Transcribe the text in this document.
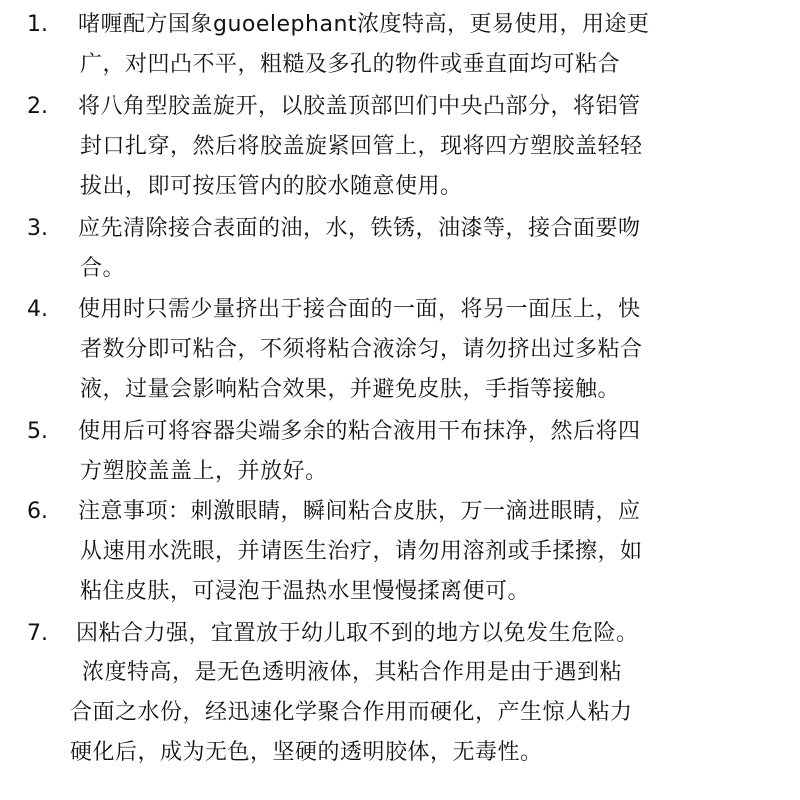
1. 啫喱配方国象guoelephant浓度特高，更易使用，用途更
广，对凹凸不平，粗糙及多孔的物件或垂直面均可粘合
2. 将八角型胶盖旋开，以胶盖顶部凹们中央凸部分，将铝管
封口扎穿，然后将胶盖旋紧回管上，现将四方塑胶盖轻轻
拔出，即可按压管内的胶水随意使用。
3. 应先清除接合表面的油，水，铁锈，油漆等，接合面要吻
合。
4. 使用时只需少量挤出于接合面的一面，将另一面压上，快
者数分即可粘合，不须将粘合液涂匀，请勿挤出过多粘合
液，过量会影响粘合效果，并避免皮肤，手指等接触。
5. 使用后可将容器尖端多余的粘合液用干布抹净，然后将四
方塑胶盖盖上，并放好。
6. 注意事项：刺激眼睛，瞬间粘合皮肤，万一滴进眼睛，应
从速用水洗眼，并请医生治疗，请勿用溶剂或手揉擦，如
粘住皮肤，可浸泡于温热水里慢慢揉离便可。
7. 因粘合力强，宜置放于幼儿取不到的地方以免发生危险。
浓度特高，是无色透明液体，其粘合作用是由于遇到粘
合面之水份，经迅速化学聚合作用而硬化，产生惊人粘力
硬化后，成为无色，坚硬的透明胶体，无毒性。
